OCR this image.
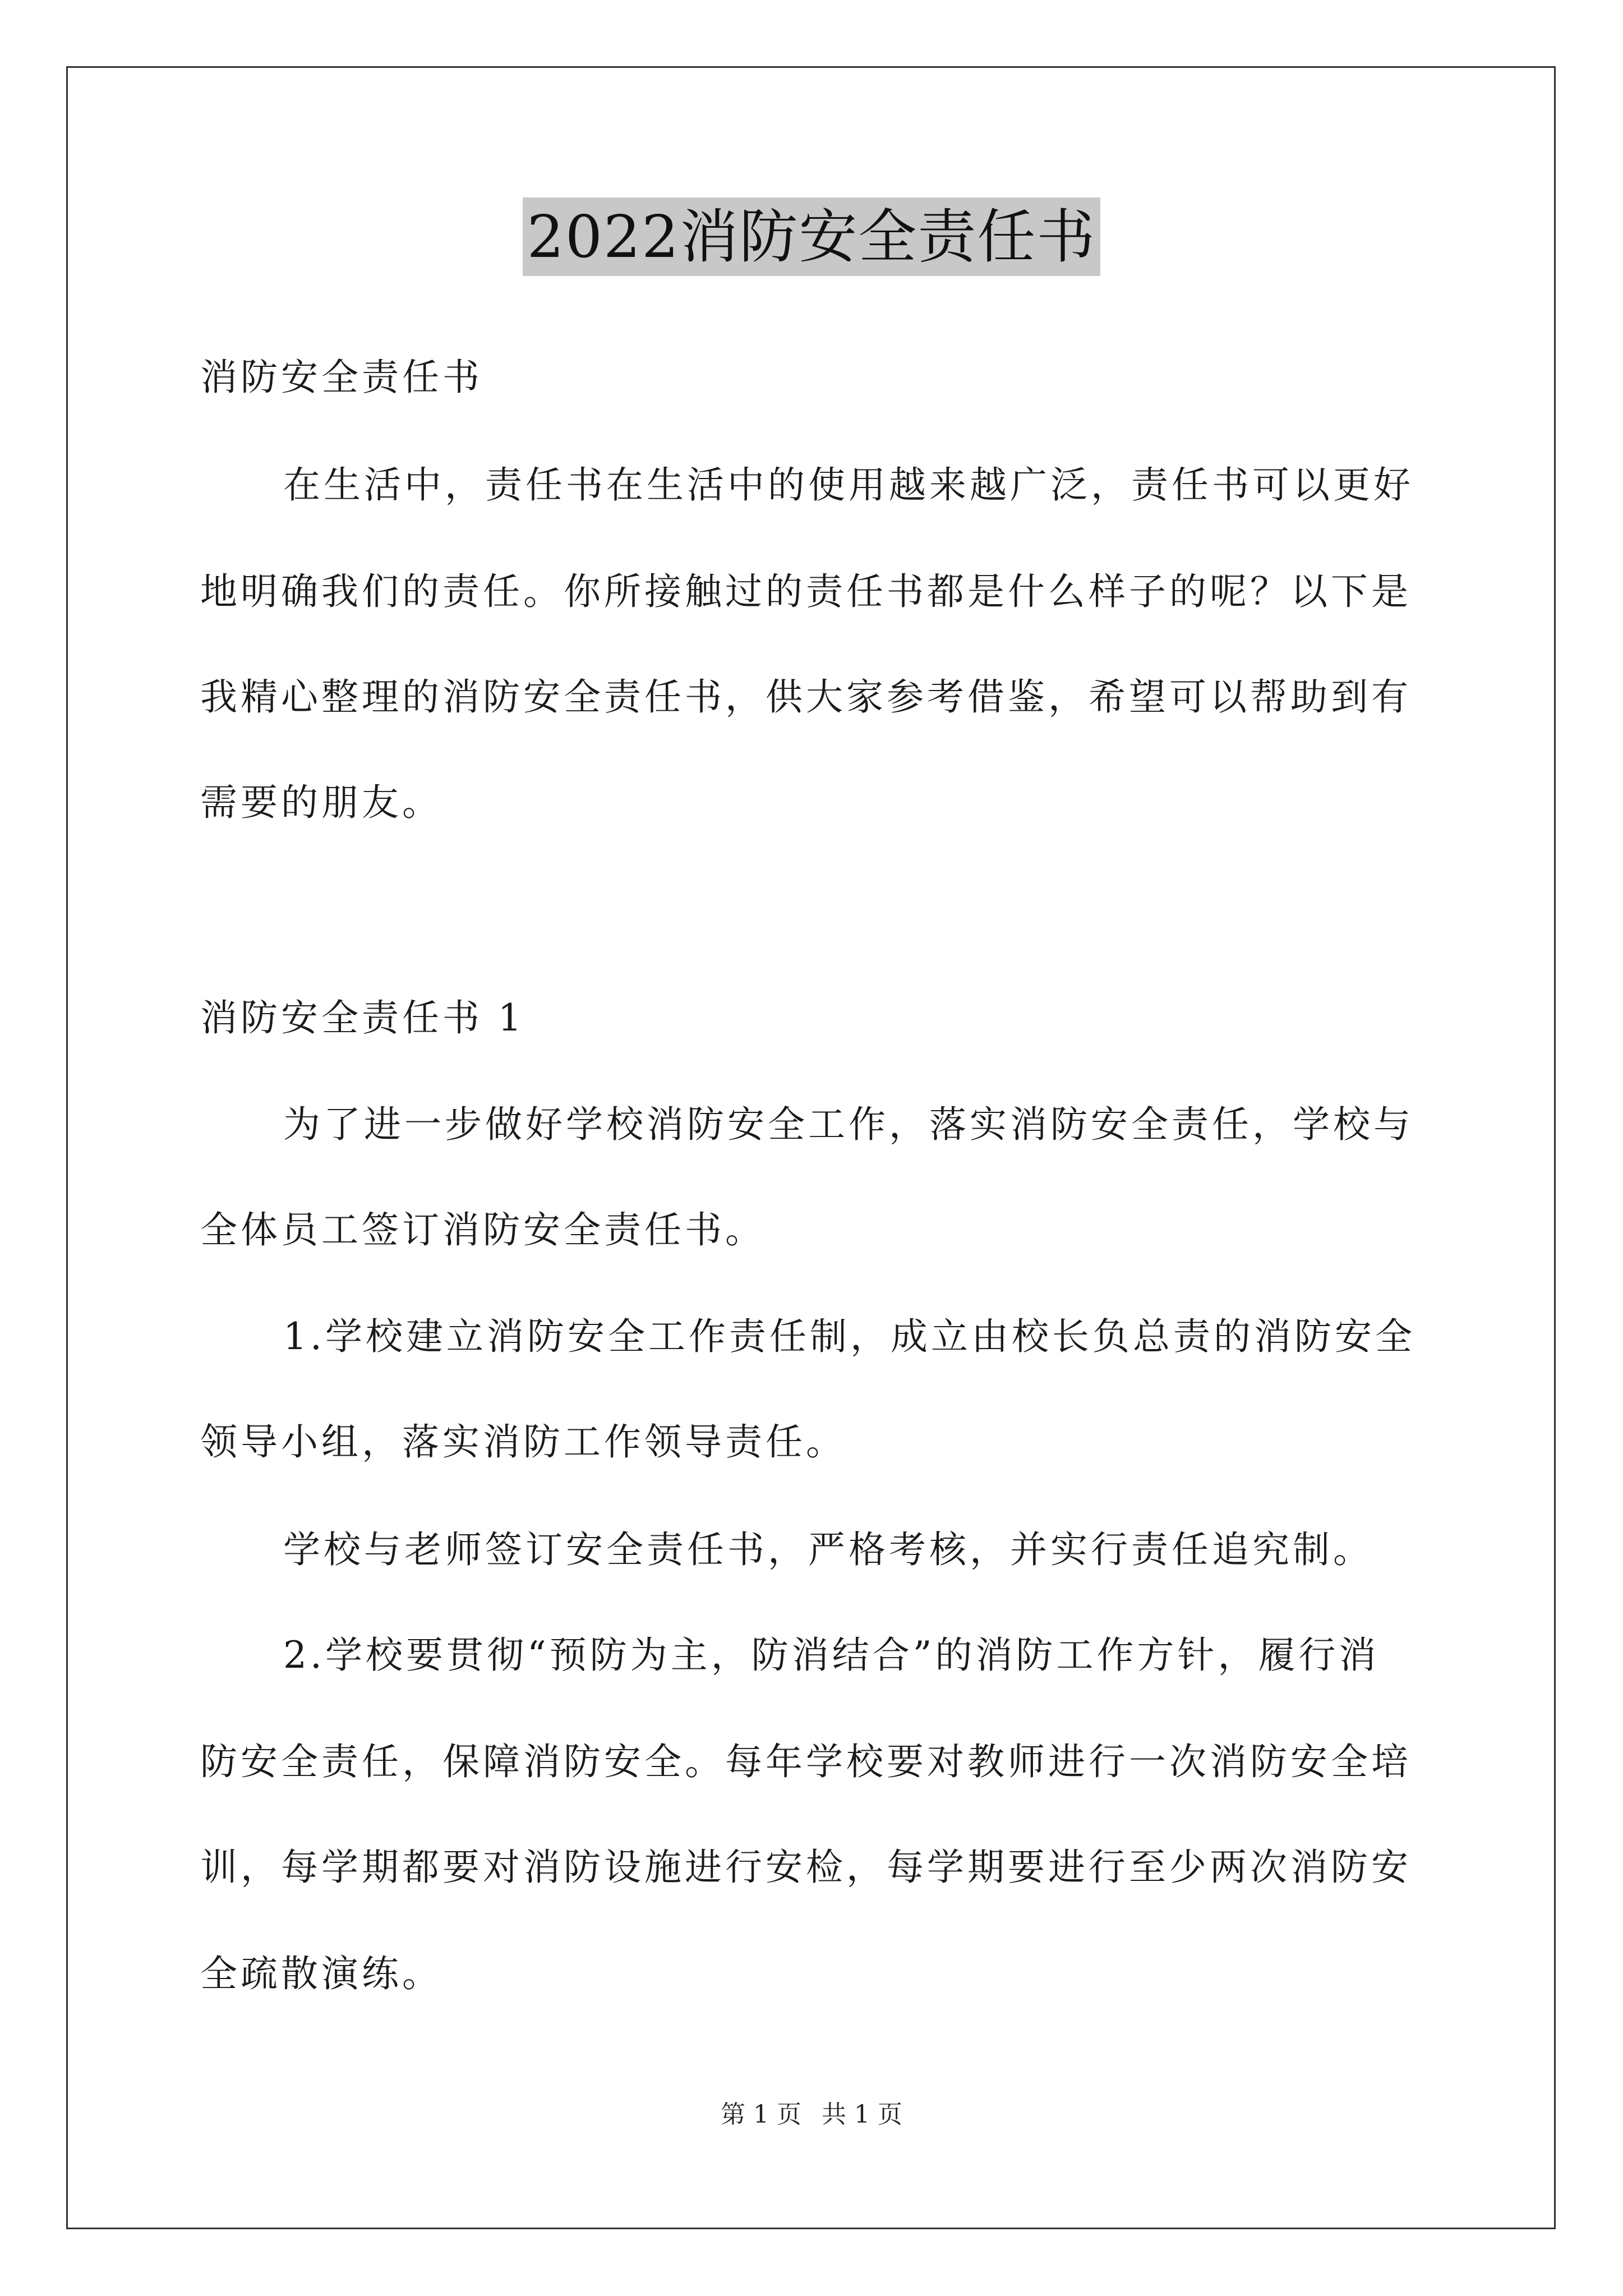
2022消防安全责任书
消防安全责任书
在生活中，责任书在生活中的使用越来越广泛，责任书可以更好
地明确我们的责任。你所接触过的责任书都是什么样子的呢？以下是
我精心整理的消防安全责任书，供大家参考借鉴，希望可以帮助到有
需要的朋友。
消防安全责任书 1
为了进一步做好学校消防安全工作，落实消防安全责任，学校与
全体员工签订消防安全责任书。
1.学校建立消防安全工作责任制，成立由校长负总责的消防安全
领导小组，落实消防工作领导责任。
学校与老师签订安全责任书，严格考核，并实行责任追究制。
2.学校要贯彻“预防为主，防消结合”的消防工作方针，履行消
防安全责任，保障消防安全。每年学校要对教师进行一次消防安全培
训，每学期都要对消防设施进行安检，每学期要进行至少两次消防安
全疏散演练。
第 1 页 共 1 页
